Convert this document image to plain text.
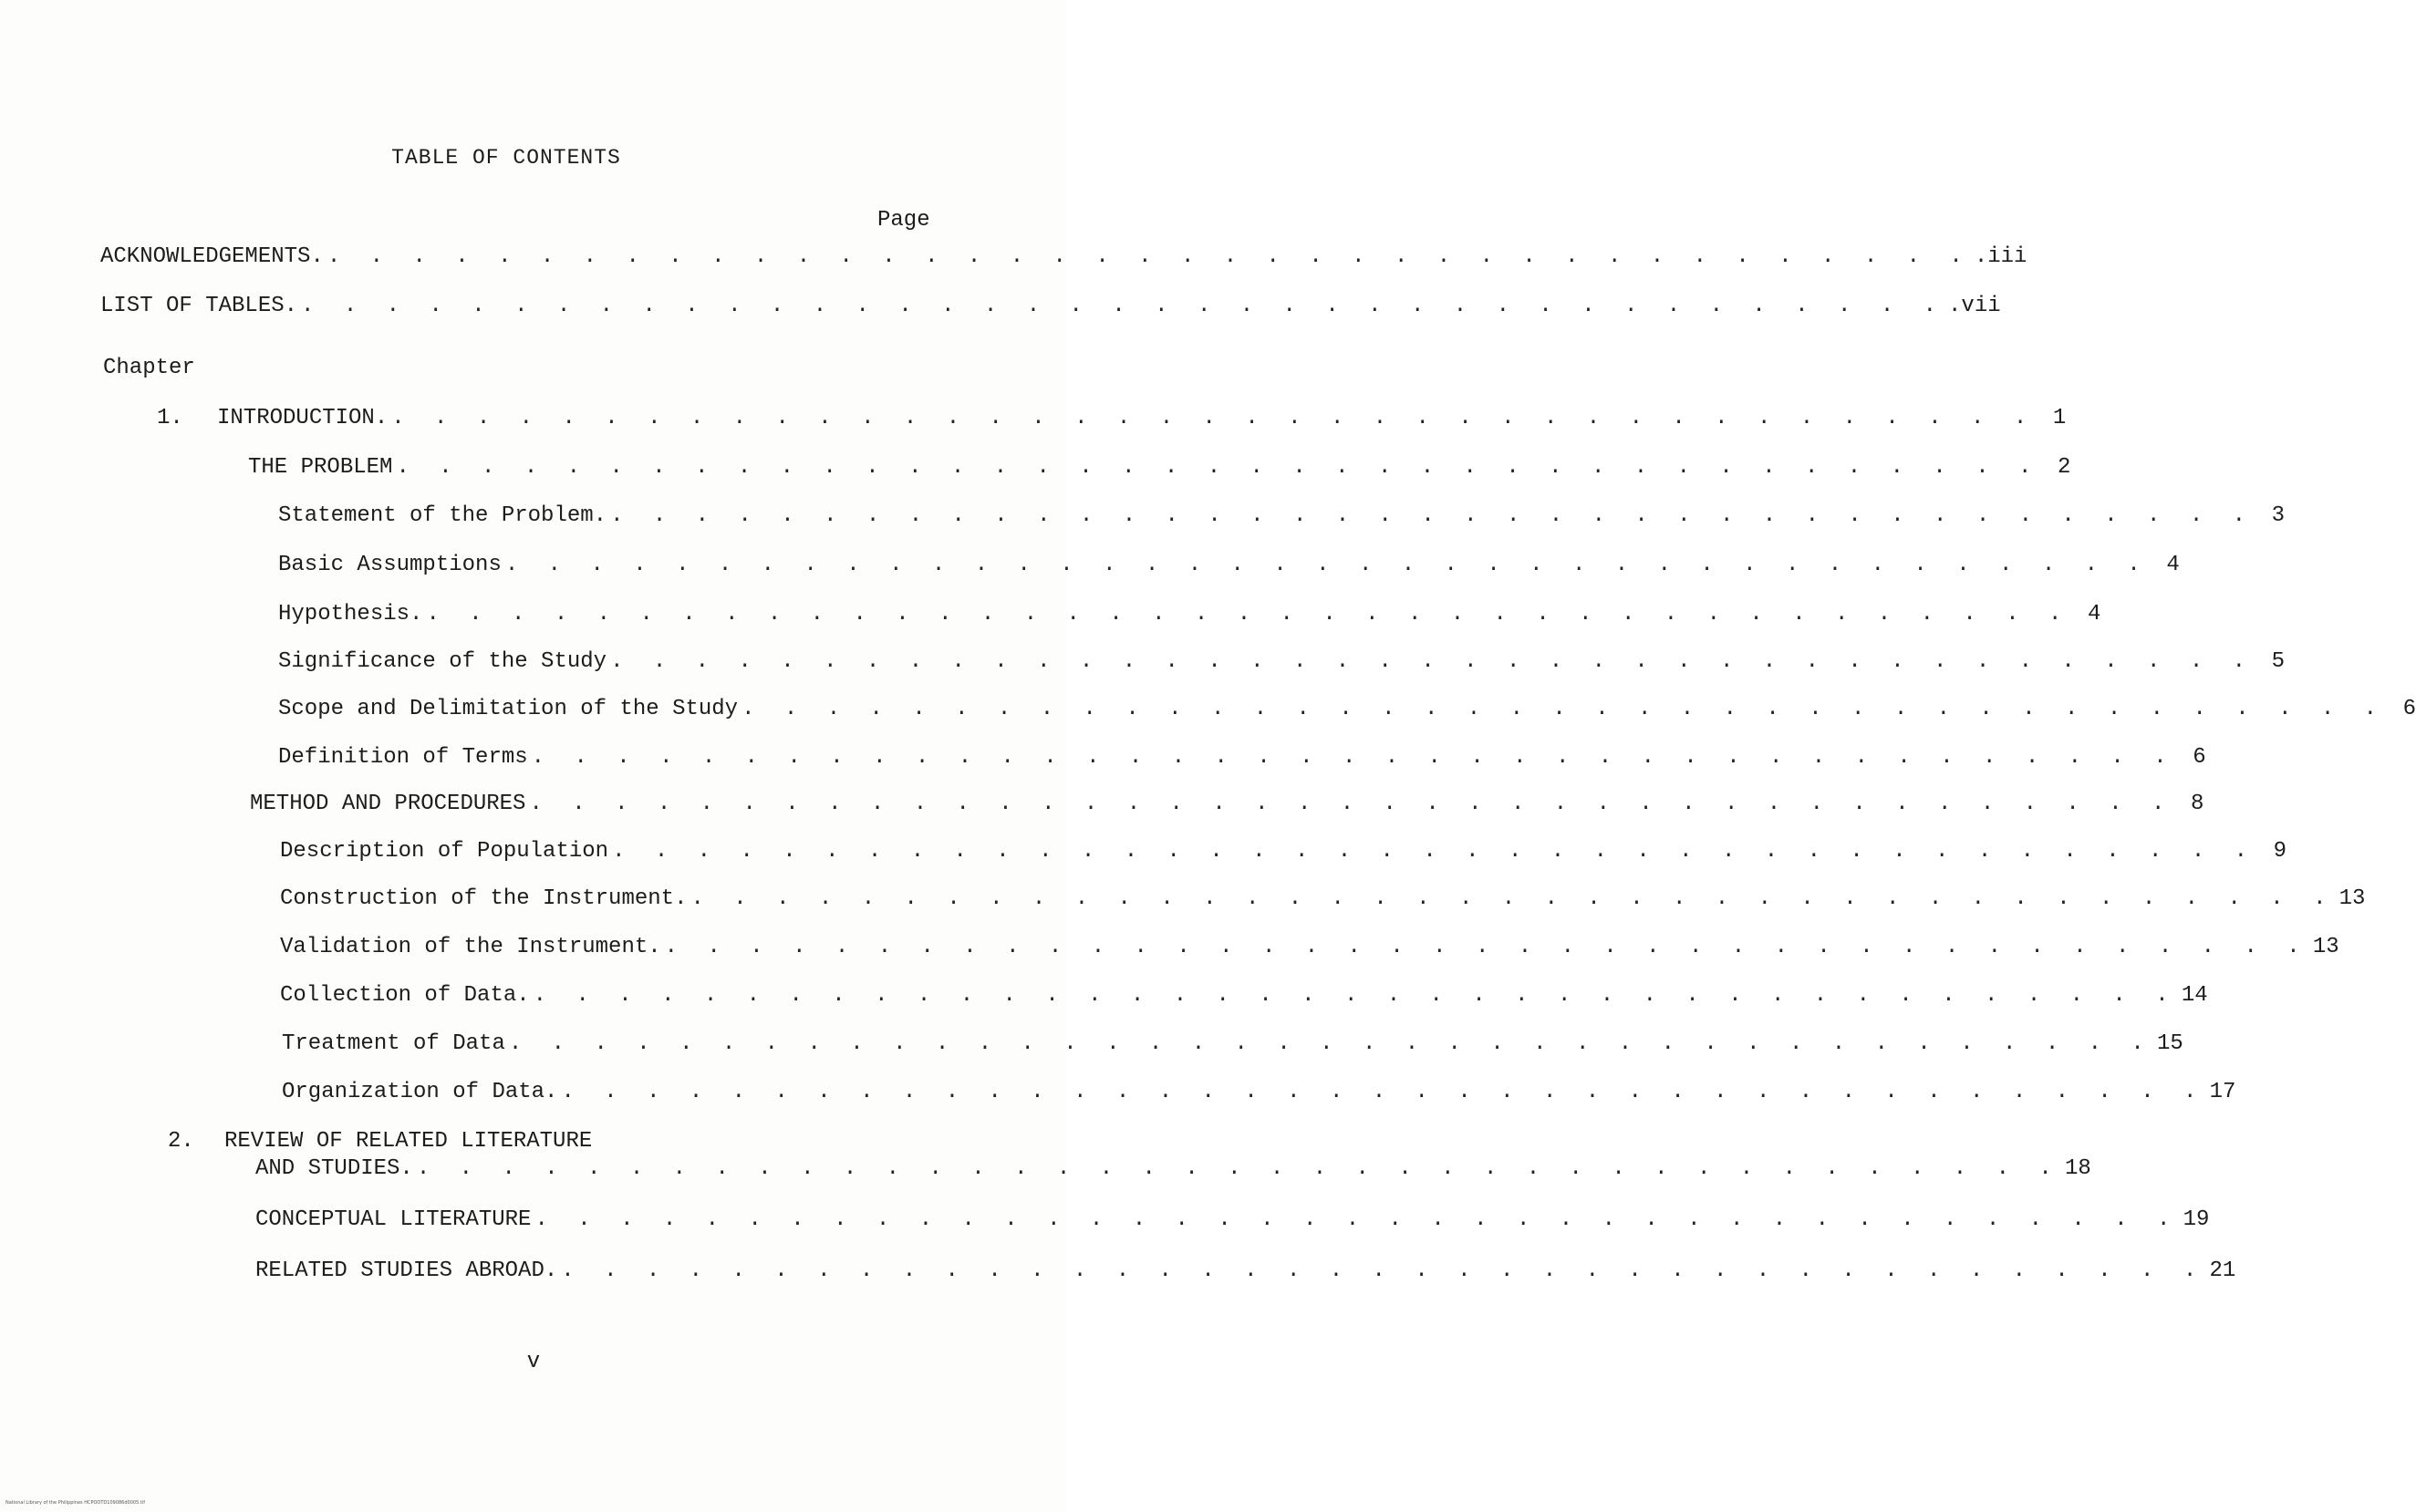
TABLE OF CONTENTS
Page
ACKNOWLEDGEMENTS. . . . . . . . . . . . . . . . . . . . . . . . . . . . . . . . . . . . . . . . .iii
LIST OF TABLES. . . . . . . . . . . . . . . . . . . . . . . . . . . . . . . . . . . . . . . . .vii
Chapter
1.	INTRODUCTION. . . . . . . . . . . . . . . . . . . . . . . . . . . . . . . . . . . . . . . . 1
THE PROBLEM . . . . . . . . . . . . . . . . . . . . . . . . . . . . . . . . . . . . . . . 2
Statement of the Problem. . . . . . . . . . . . . . . . . . . . . . . . . . . . . . . . . . . . . . . . 3
Basic Assumptions . . . . . . . . . . . . . . . . . . . . . . . . . . . . . . . . . . . . . . . 4
Hypothesis. . . . . . . . . . . . . . . . . . . . . . . . . . . . . . . . . . . . . . . . 4
Significance of the Study . . . . . . . . . . . . . . . . . . . . . . . . . . . . . . . . . . . . . . . 5
Scope and Delimitation of the Study . . . . . . . . . . . . . . . . . . . . . . . . . . . . . . . . . . . . . . . 6
Definition of Terms . . . . . . . . . . . . . . . . . . . . . . . . . . . . . . . . . . . . . . . 6
METHOD AND PROCEDURES . . . . . . . . . . . . . . . . . . . . . . . . . . . . . . . . . . . . . . . 8
Description of Population . . . . . . . . . . . . . . . . . . . . . . . . . . . . . . . . . . . . . . . 9
Construction of the Instrument. . . . . . . . . . . . . . . . . . . . . . . . . . . . . . . . . . . . . . . . 13
Validation of the Instrument. . . . . . . . . . . . . . . . . . . . . . . . . . . . . . . . . . . . . . . . 13
Collection of Data. . . . . . . . . . . . . . . . . . . . . . . . . . . . . . . . . . . . . . . . 14
Treatment of Data . . . . . . . . . . . . . . . . . . . . . . . . . . . . . . . . . . . . . . . 15
Organization of Data. . . . . . . . . . . . . . . . . . . . . . . . . . . . . . . . . . . . . . . . 17
2.	REVIEW OF RELATED LITERATURE
AND STUDIES. . . . . . . . . . . . . . . . . . . . . . . . . . . . . . . . . . . . . . . . 18
CONCEPTUAL LITERATURE . . . . . . . . . . . . . . . . . . . . . . . . . . . . . . . . . . . . . . . 19
RELATED STUDIES ABROAD. . . . . . . . . . . . . . . . . . . . . . . . . . . . . . . . . . . . . . . . 21
v
National Library of the Philippines HCPOOTD109086d0005.tif
